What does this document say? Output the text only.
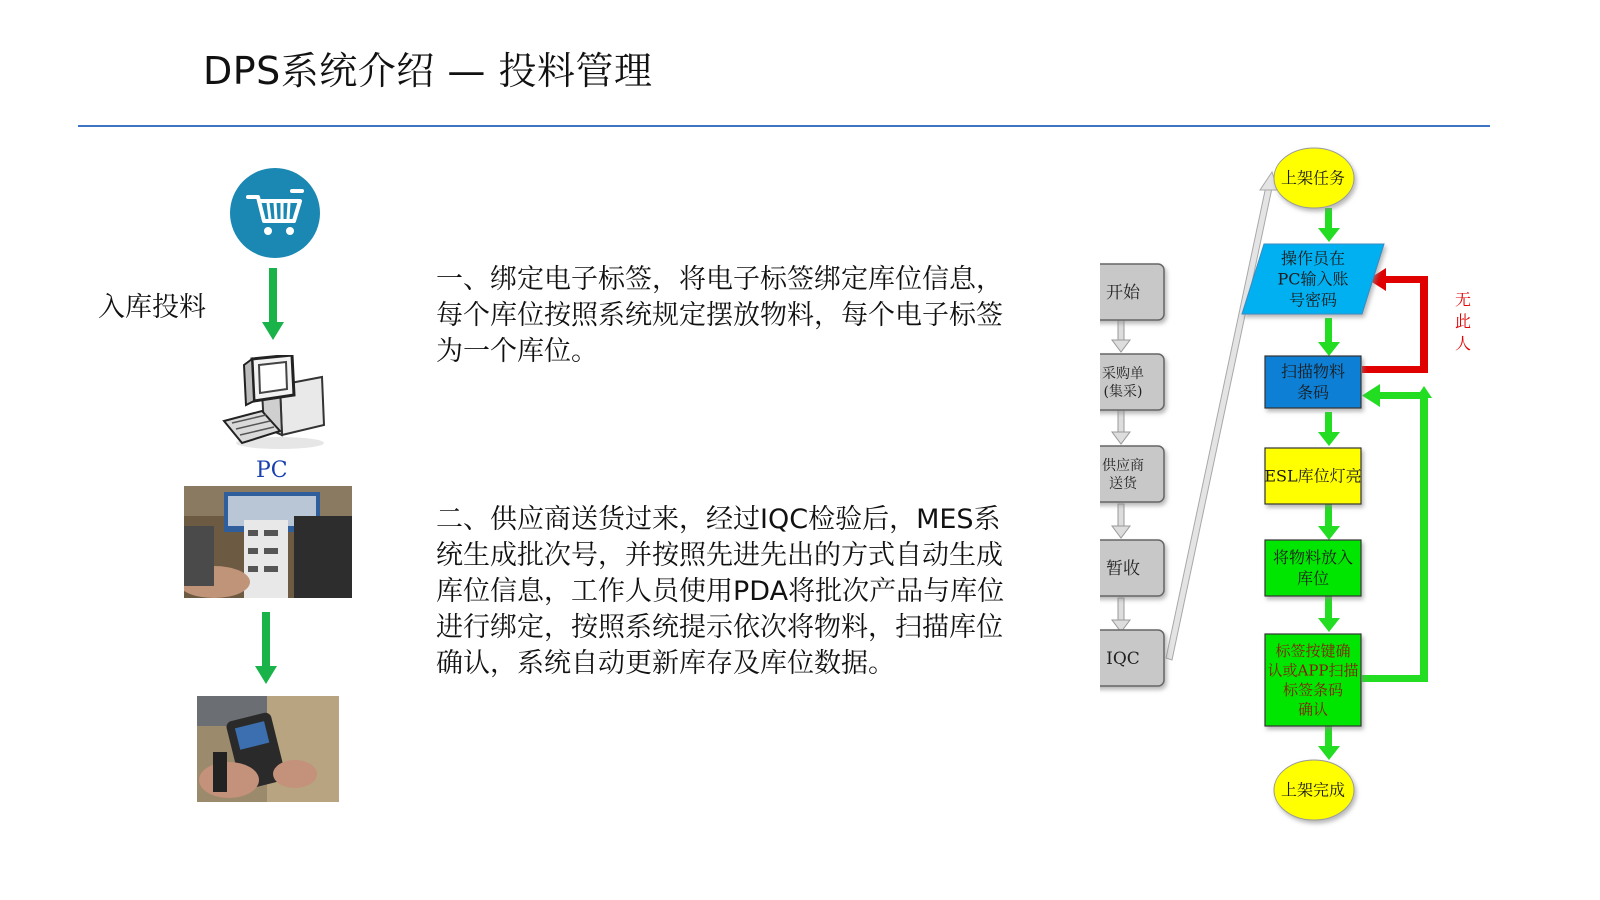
DPS系统介绍 — 投料管理
入库投料
PC
一、绑定电子标签，将电子标签绑定库位信息，每个库位按照系统规定摆放物料，每个电子标签为一个库位。
二、供应商送货过来，经过IQC检验后，MES系统生成批次号，并按照先进先出的方式自动生成库位信息，工作人员使用PDA将批次产品与库位进行绑定，按照系统提示依次将物料，扫描库位确认，系统自动更新库存及库位数据。
开始
采购单(集采)
供应商送货
暂收
IQC
无此人
上架任务
操作员在 PC输入账号密码
扫描物料条码
ESL库位灯亮
将物料放入库位
标签按键确认或APP扫描标签条码确认
上架完成
